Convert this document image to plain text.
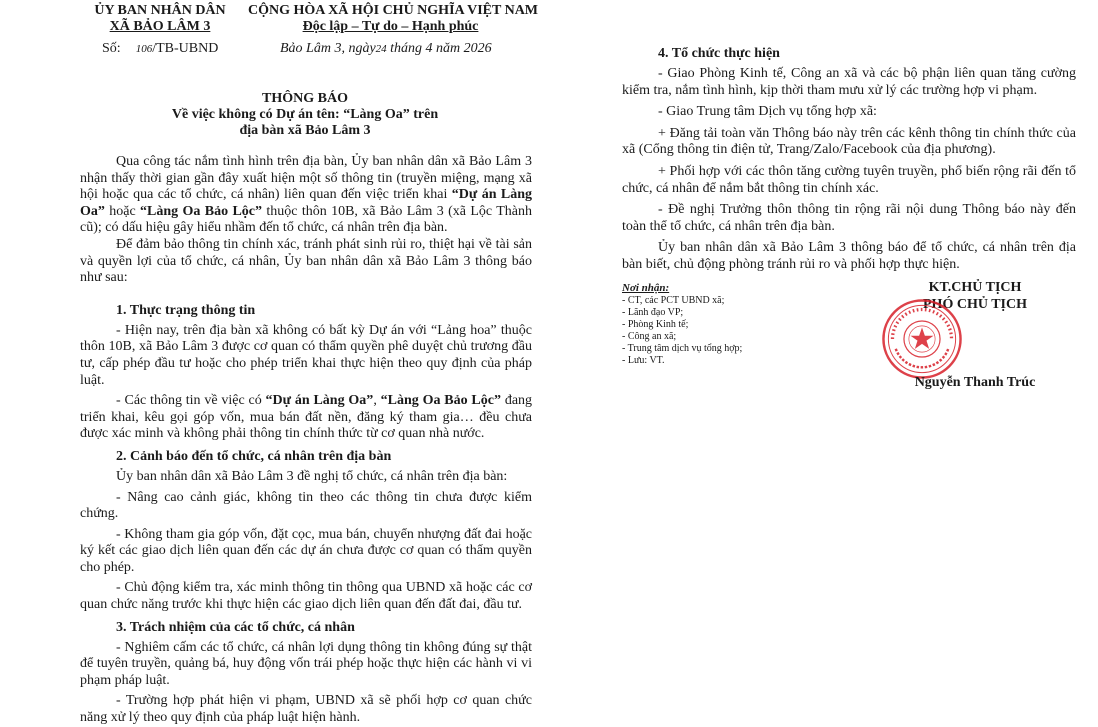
ỦY BAN NHÂN DÂN
XÃ BẢO LÂM 3
Số: 106/TB-UBND
CỘNG HÒA XÃ HỘI CHỦ NGHĨA VIỆT NAM
Độc lập – Tự do – Hạnh phúc
Bảo Lâm 3, ngày24 tháng 4 năm 2026
THÔNG BÁO
Về việc không có Dự án tên: “Làng Oa” trên
địa bàn xã Bảo Lâm 3

Qua công tác nắm tình hình trên địa bàn, Ủy ban nhân dân xã Bảo Lâm 3 nhận thấy thời gian gần đây xuất hiện một số thông tin (truyền miệng, mạng xã hội hoặc qua các tổ chức, cá nhân) liên quan đến việc triển khai “Dự án Làng Oa” hoặc “Làng Oa Bảo Lộc” thuộc thôn 10B, xã Bảo Lâm 3 (xã Lộc Thành cũ); có dấu hiệu gây hiểu nhầm đến tổ chức, cá nhân trên địa bàn.

Để đảm bảo thông tin chính xác, tránh phát sinh rủi ro, thiệt hại về tài sản và quyền lợi của tổ chức, cá nhân, Ủy ban nhân dân xã Bảo Lâm 3 thông báo như sau:

1. Thực trạng thông tin

- Hiện nay, trên địa bàn xã không có bất kỳ Dự án với “Lảng hoa” thuộc thôn 10B, xã Bảo Lâm 3 được cơ quan có thẩm quyền phê duyệt chủ trương đầu tư, cấp phép đầu tư hoặc cho phép triển khai thực hiện theo quy định của pháp luật.

- Các thông tin về việc có “Dự án Làng Oa”, “Làng Oa Bảo Lộc” đang triển khai, kêu gọi góp vốn, mua bán đất nền, đăng ký tham gia… đều chưa được xác minh và không phải thông tin chính thức từ cơ quan nhà nước.

2. Cảnh báo đến tổ chức, cá nhân trên địa bàn

Ủy ban nhân dân xã Bảo Lâm 3 đề nghị tổ chức, cá nhân trên địa bàn:

- Nâng cao cảnh giác, không tin theo các thông tin chưa được kiểm chứng.

- Không tham gia góp vốn, đặt cọc, mua bán, chuyển nhượng đất đai hoặc ký kết các giao dịch liên quan đến các dự án chưa được cơ quan có thẩm quyền cho phép.

- Chủ động kiểm tra, xác minh thông tin thông qua UBND xã hoặc các cơ quan chức năng trước khi thực hiện các giao dịch liên quan đến đất đai, đầu tư.

3. Trách nhiệm của các tổ chức, cá nhân

- Nghiêm cấm các tổ chức, cá nhân lợi dụng thông tin không đúng sự thật để tuyên truyền, quảng bá, huy động vốn trái phép hoặc thực hiện các hành vi vi phạm pháp luật.

- Trường hợp phát hiện vi phạm, UBND xã sẽ phối hợp cơ quan chức năng xử lý theo quy định của pháp luật hiện hành.

4. Tổ chức thực hiện

- Giao Phòng Kinh tế, Công an xã và các bộ phận liên quan tăng cường kiểm tra, nắm tình hình, kịp thời tham mưu xử lý các trường hợp vi phạm.

- Giao Trung tâm Dịch vụ tổng hợp xã:

+ Đăng tải toàn văn Thông báo này trên các kênh thông tin chính thức của xã (Cổng thông tin điện tử, Trang/Zalo/Facebook của địa phương).

+ Phối hợp với các thôn tăng cường tuyên truyền, phổ biến rộng rãi đến tổ chức, cá nhân để nắm bắt thông tin chính xác.

- Đề nghị Trưởng thôn thông tin rộng rãi nội dung Thông báo này đến toàn thể tổ chức, cá nhân trên địa bàn.

Ủy ban nhân dân xã Bảo Lâm 3 thông báo để tổ chức, cá nhân trên địa bàn biết, chủ động phòng tránh rủi ro và phối hợp thực hiện.

Nơi nhận:
- CT, các PCT UBND xã;
- Lãnh đạo VP;
- Phòng Kinh tế;
- Công an xã;
- Trung tâm dịch vụ tổng hợp;
- Lưu: VT.
KT.CHỦ TỊCH
PHÓ CHỦ TỊCH
Nguyễn Thanh Trúc
